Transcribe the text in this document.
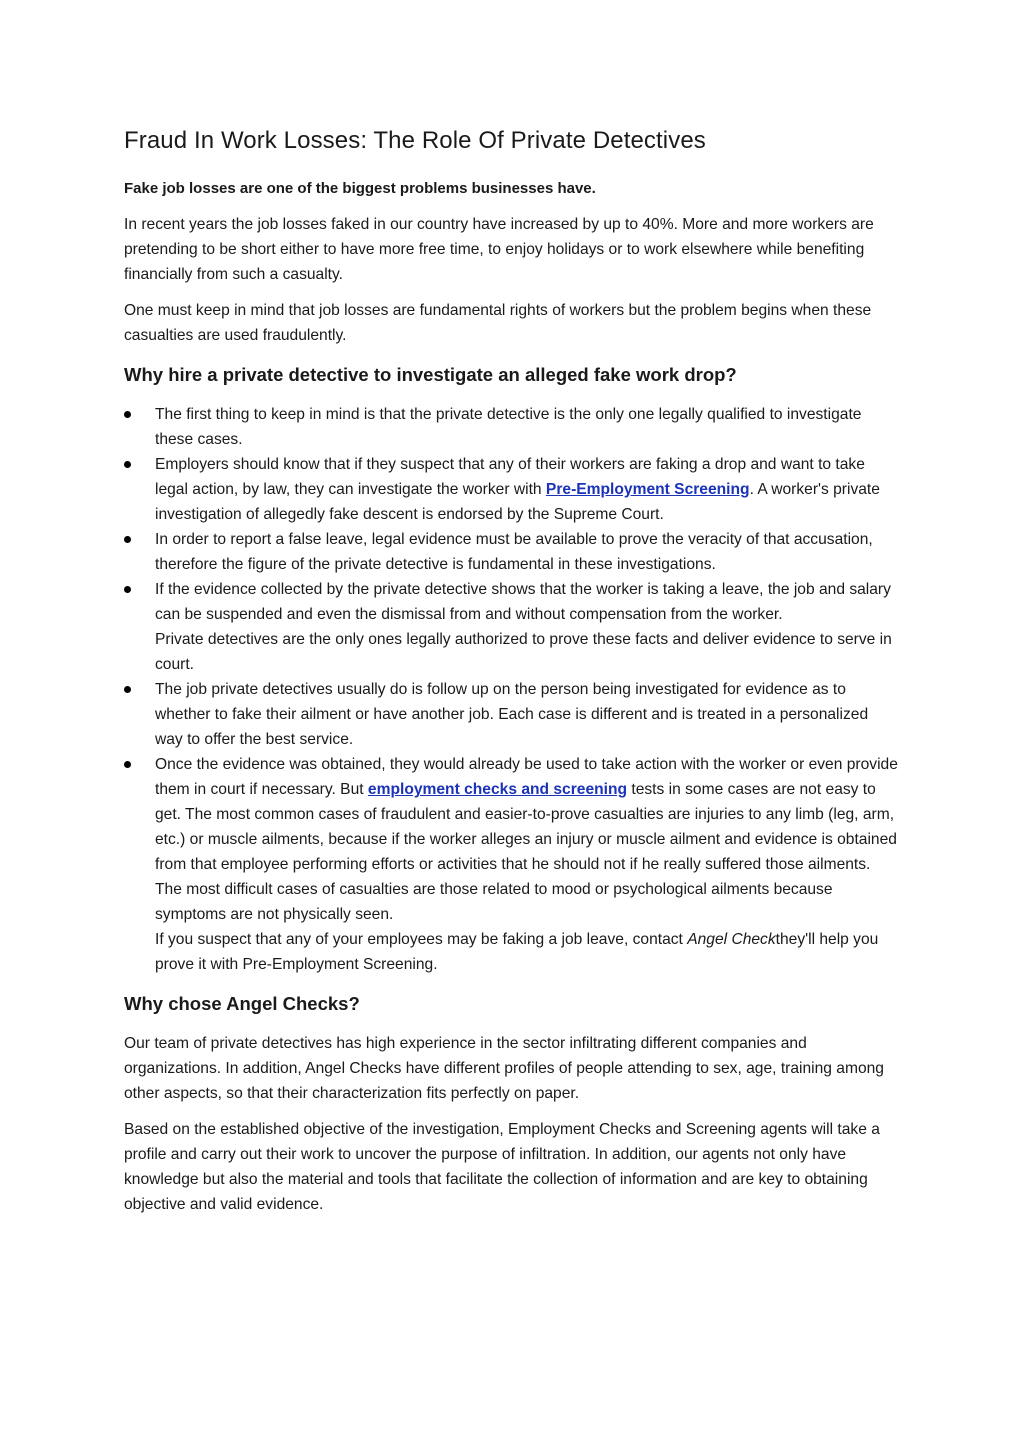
Fraud In Work Losses: The Role Of Private Detectives

Fake job losses are one of the biggest problems businesses have.

In recent years the job losses faked in our country have increased by up to 40%. More and more workers are pretending to be short either to have more free time, to enjoy holidays or to work elsewhere while benefiting financially from such a casualty.

One must keep in mind that job losses are fundamental rights of workers but the problem begins when these casualties are used fraudulently.

Why hire a private detective to investigate an alleged fake work drop?
The first thing to keep in mind is that the private detective is the only one legally qualified to investigate these cases.
Employers should know that if they suspect that any of their workers are faking a drop and want to take legal action, by law, they can investigate the worker with Pre-Employment Screening. A worker's private investigation of allegedly fake descent is endorsed by the Supreme Court.
In order to report a false leave, legal evidence must be available to prove the veracity of that accusation, therefore the figure of the private detective is fundamental in these investigations.
If the evidence collected by the private detective shows that the worker is taking a leave, the job and salary can be suspended and even the dismissal from and without compensation from the worker.
Private detectives are the only ones legally authorized to prove these facts and deliver evidence to serve in court.
The job private detectives usually do is follow up on the person being investigated for evidence as to whether to fake their ailment or have another job. Each case is different and is treated in a personalized way to offer the best service.
Once the evidence was obtained, they would already be used to take action with the worker or even provide them in court if necessary. But employment checks and screening tests in some cases are not easy to get. The most common cases of fraudulent and easier-to-prove casualties are injuries to any limb (leg, arm, etc.) or muscle ailments, because if the worker alleges an injury or muscle ailment and evidence is obtained from that employee performing efforts or activities that he should not if he really suffered those ailments. The most difficult cases of casualties are those related to mood or psychological ailments because symptoms are not physically seen.
If you suspect that any of your employees may be faking a job leave, contact Angel Checkthey'll help you prove it with Pre-Employment Screening.
Why chose Angel Checks?

Our team of private detectives has high experience in the sector infiltrating different companies and organizations. In addition, Angel Checks have different profiles of people attending to sex, age, training among other aspects, so that their characterization fits perfectly on paper.

Based on the established objective of the investigation, Employment Checks and Screening agents will take a profile and carry out their work to uncover the purpose of infiltration. In addition, our agents not only have knowledge but also the material and tools that facilitate the collection of information and are key to obtaining objective and valid evidence.
